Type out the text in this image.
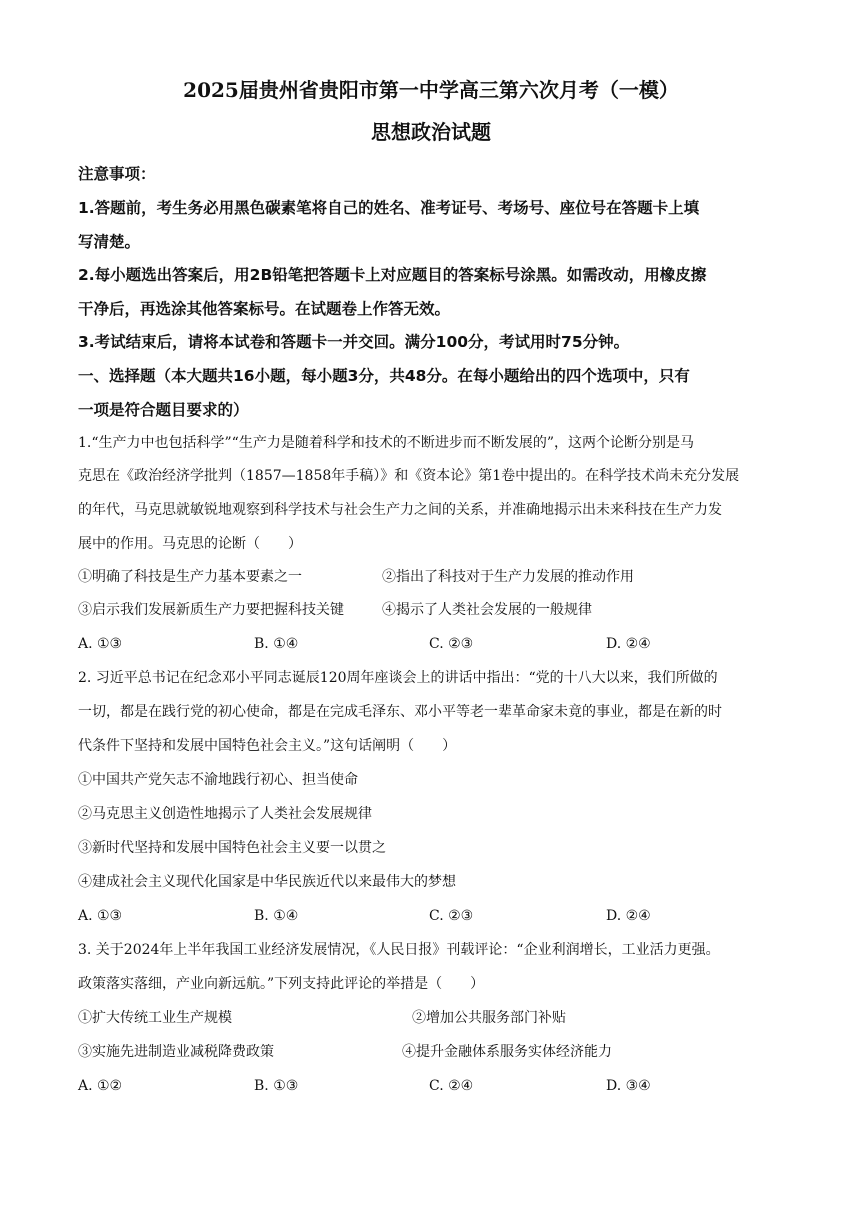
2025届贵州省贵阳市第一中学高三第六次月考（一模）
思想政治试题
注意事项：
1.答题前，考生务必用黑色碳素笔将自己的姓名、准考证号、考场号、座位号在答题卡上填
写清楚。
2.每小题选出答案后，用2B铅笔把答题卡上对应题目的答案标号涂黑。如需改动，用橡皮擦
干净后，再选涂其他答案标号。在试题卷上作答无效。
3.考试结束后，请将本试卷和答题卡一并交回。满分100分，考试用时75分钟。
一、选择题（本大题共16小题，每小题3分，共48分。在每小题给出的四个选项中，只有
一项是符合题目要求的）
1.“生产力中也包括科学”“生产力是随着科学和技术的不断进步而不断发展的”，这两个论断分别是马
克思在《政治经济学批判（1857—1858年手稿）》和《资本论》第1卷中提出的。在科学技术尚未充分发展
的年代，马克思就敏锐地观察到科学技术与社会生产力之间的关系，并准确地揭示出未来科技在生产力发
展中的作用。马克思的论断（　　）
①明确了科技是生产力基本要素之一	②指出了科技对于生产力发展的推动作用
③启示我们发展新质生产力要把握科技关键	④揭示了人类社会发展的一般规律
A. ①③	B. ①④	C. ②③	D. ②④
2. 习近平总书记在纪念邓小平同志诞辰120周年座谈会上的讲话中指出：“党的十八大以来，我们所做的
一切，都是在践行党的初心使命，都是在完成毛泽东、邓小平等老一辈革命家未竟的事业，都是在新的时
代条件下坚持和发展中国特色社会主义。”这句话阐明（　　）
①中国共产党矢志不渝地践行初心、担当使命
②马克思主义创造性地揭示了人类社会发展规律
③新时代坚持和发展中国特色社会主义要一以贯之
④建成社会主义现代化国家是中华民族近代以来最伟大的梦想
A. ①③	B. ①④	C. ②③	D. ②④
3. 关于2024年上半年我国工业经济发展情况，《人民日报》刊载评论：“企业利润增长，工业活力更强。
政策落实落细，产业向新远航。”下列支持此评论的举措是（　　）
①扩大传统工业生产规模	②增加公共服务部门补贴
③实施先进制造业减税降费政策	④提升金融体系服务实体经济能力
A. ①②	B. ①③	C. ②④	D. ③④
